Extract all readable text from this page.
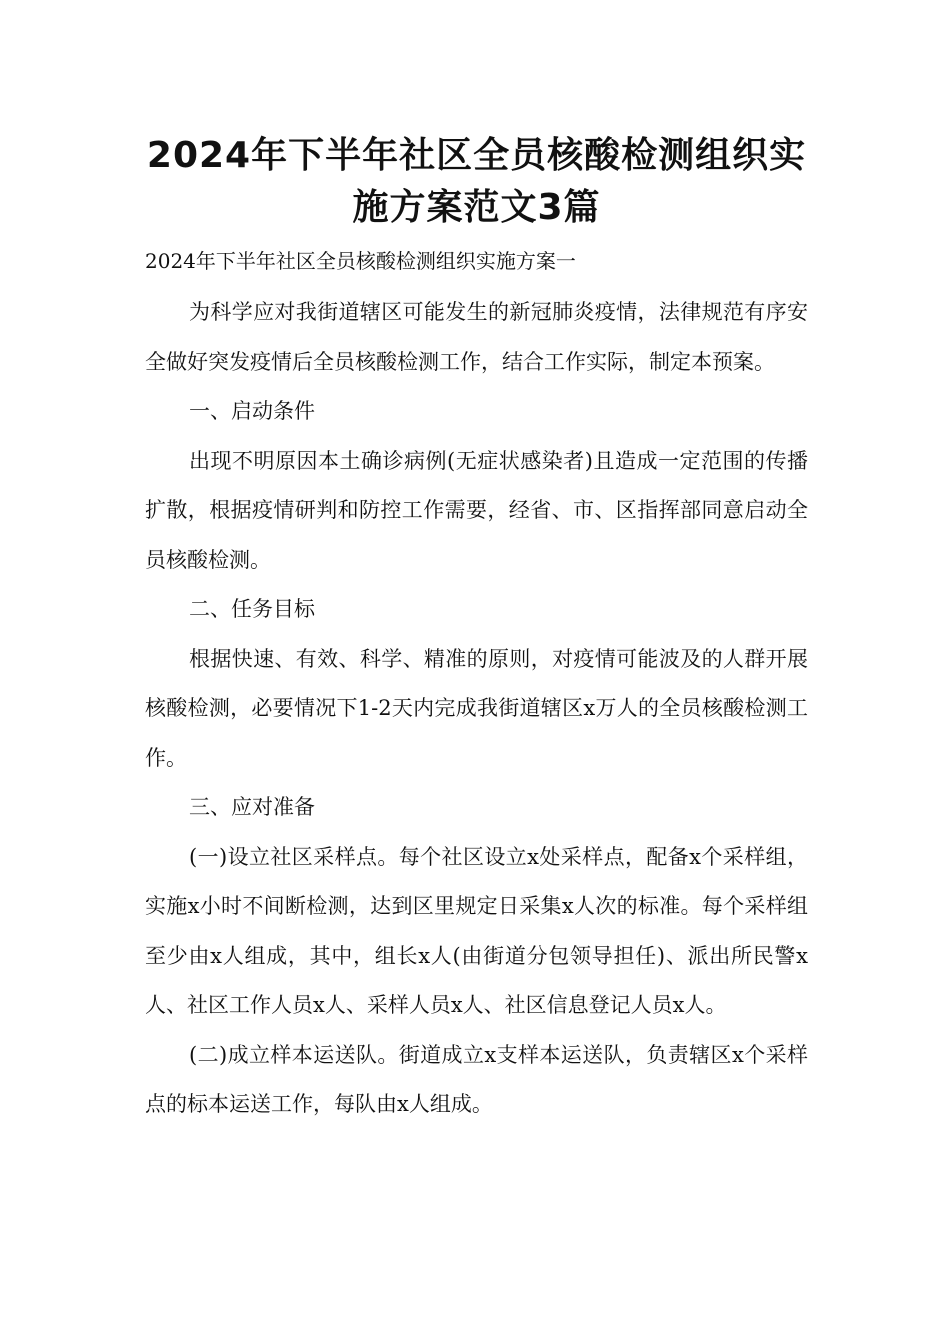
2024年下半年社区全员核酸检测组织实施方案范文3篇
2024年下半年社区全员核酸检测组织实施方案一

为科学应对我街道辖区可能发生的新冠肺炎疫情，法律规范有序安全做好突发疫情后全员核酸检测工作，结合工作实际，制定本预案。

一、启动条件

出现不明原因本土确诊病例(无症状感染者)且造成一定范围的传播扩散，根据疫情研判和防控工作需要，经省、市、区指挥部同意启动全员核酸检测。

二、任务目标

根据快速、有效、科学、精准的原则，对疫情可能波及的人群开展核酸检测，必要情况下1-2天内完成我街道辖区x万人的全员核酸检测工作。

三、应对准备

(一)设立社区采样点。每个社区设立x处采样点，配备x个采样组，实施x小时不间断检测，达到区里规定日采集x人次的标准。每个采样组至少由x人组成，其中，组长x人(由街道分包领导担任)、派出所民警x人、社区工作人员x人、采样人员x人、社区信息登记人员x人。

(二)成立样本运送队。街道成立x支样本运送队，负责辖区x个采样点的标本运送工作，每队由x人组成。
